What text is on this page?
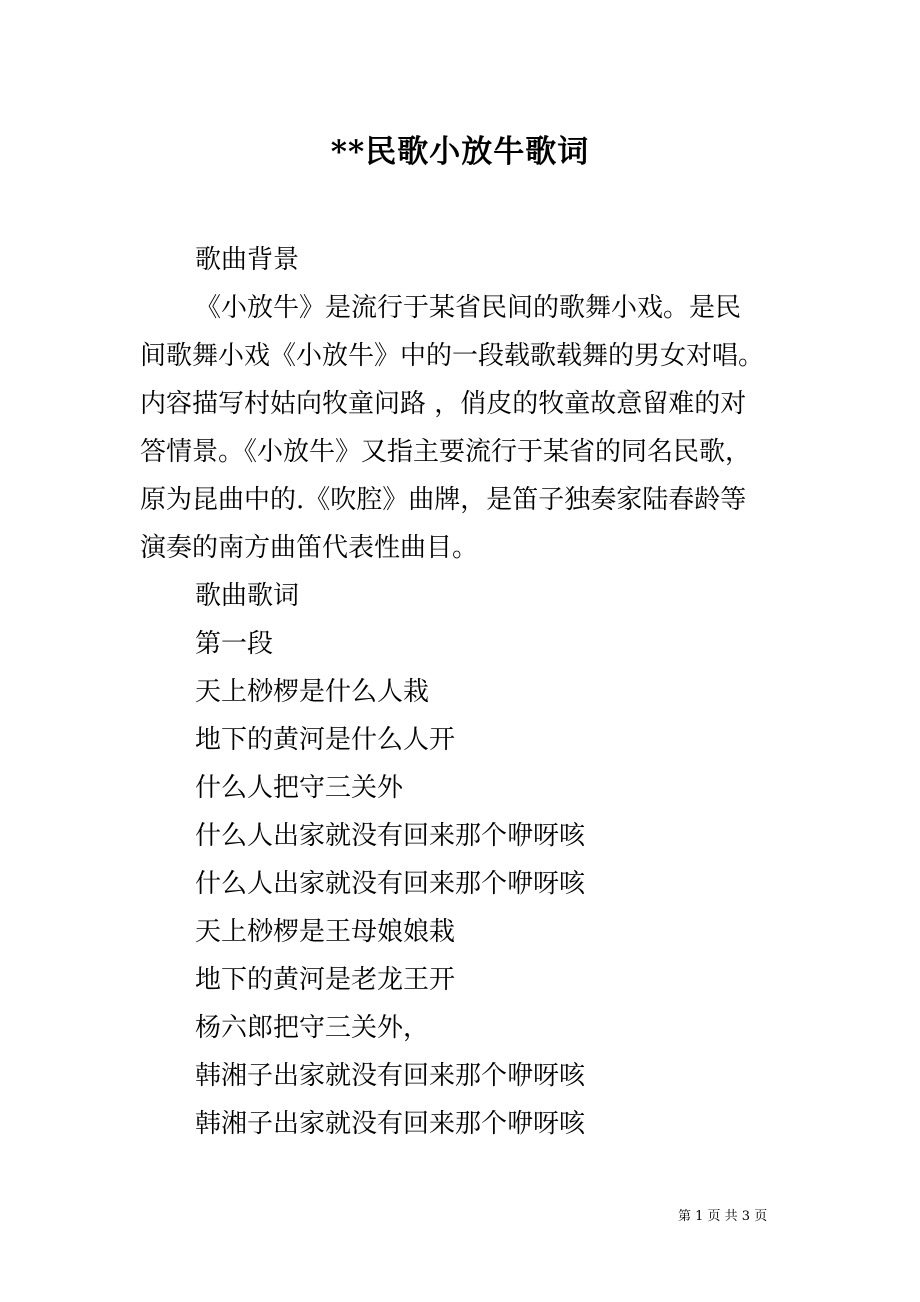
**民歌小放牛歌词
歌曲背景
《小放牛》是流行于某省民间的歌舞小戏。是民
间歌舞小戏《小放牛》中的一段载歌载舞的男女对唱。
内容描写村姑向牧童问路 ，俏皮的牧童故意留难的对
答情景。《小放牛》又指主要流行于某省的同名民歌，
原为昆曲中的.《吹腔》曲牌，是笛子独奏家陆春龄等
演奏的南方曲笛代表性曲目。
歌曲歌词
第一段
天上桫椤是什么人栽
地下的黄河是什么人开
什么人把守三关外
什么人出家就没有回来那个咿呀咳
什么人出家就没有回来那个咿呀咳
天上桫椤是王母娘娘栽
地下的黄河是老龙王开
杨六郎把守三关外，
韩湘子出家就没有回来那个咿呀咳
韩湘子出家就没有回来那个咿呀咳
第 1 页 共 3 页
